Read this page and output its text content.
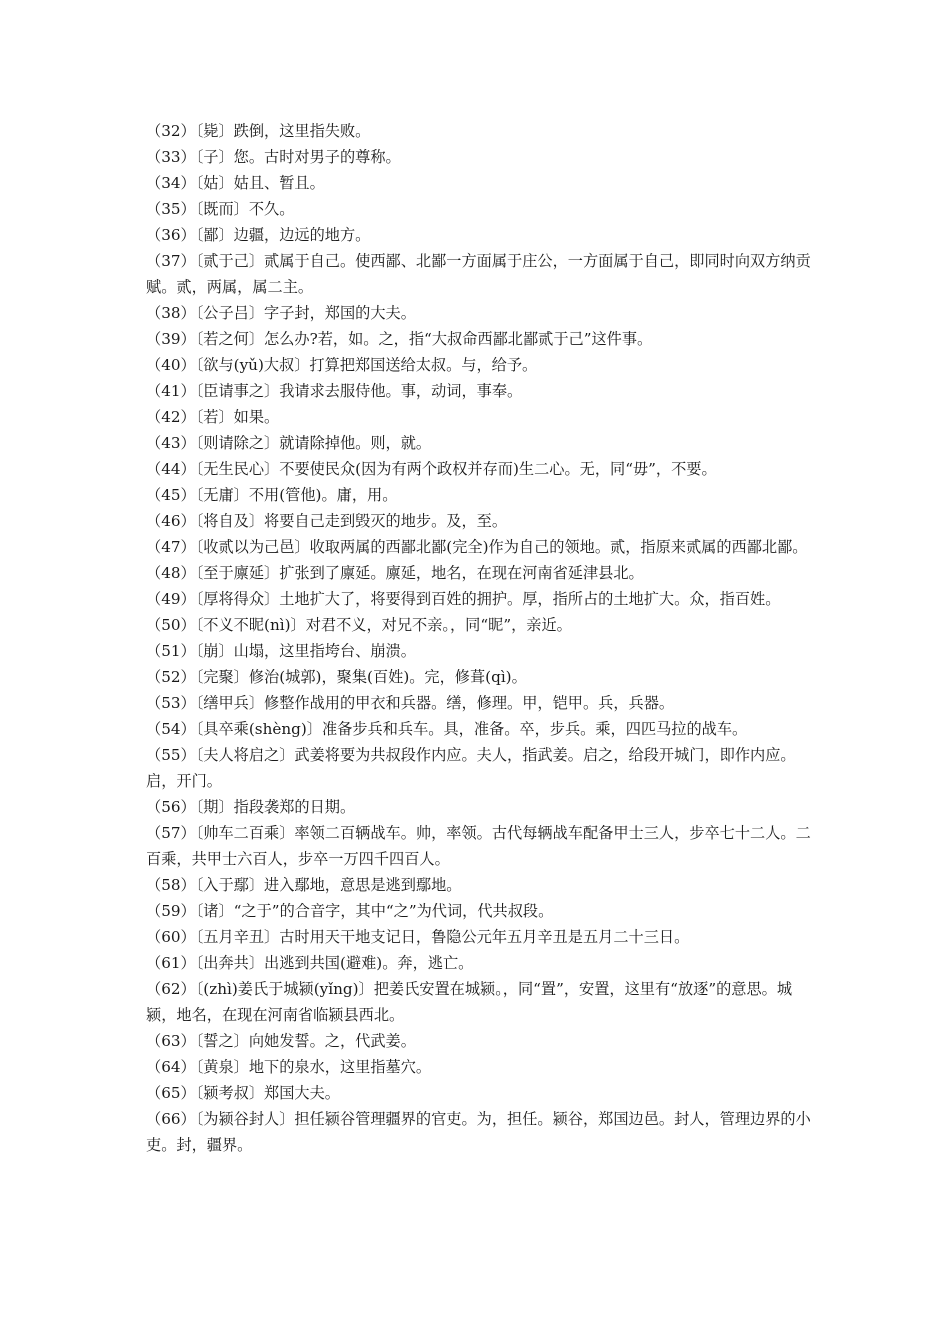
（32）〔毙〕跌倒，这里指失败。

（33）〔子〕您。古时对男子的尊称。

（34）〔姑〕姑且、暂且。

（35）〔既而〕不久。

（36）〔鄙〕边疆，边远的地方。

（37）〔贰于己〕贰属于自己。使西鄙、北鄙一方面属于庄公，一方面属于自己，即同时向双方纳贡赋。贰，两属，属二主。

（38）〔公子吕〕字子封，郑国的大夫。

（39）〔若之何〕怎么办?若，如。之，指“大叔命西鄙北鄙贰于己”这件事。

（40）〔欲与(yǔ)大叔〕打算把郑国送给太叔。与，给予。

（41）〔臣请事之〕我请求去服侍他。事，动词，事奉。

（42）〔若〕如果。

（43）〔则请除之〕就请除掉他。则，就。

（44）〔无生民心〕不要使民众(因为有两个政权并存而)生二心。无，同“毋”，不要。

（45）〔无庸〕不用(管他)。庸，用。

（46）〔将自及〕将要自己走到毁灭的地步。及，至。

（47）〔收贰以为己邑〕收取两属的西鄙北鄙(完全)作为自己的领地。贰，指原来贰属的西鄙北鄙。

（48）〔至于廪延〕扩张到了廪延。廪延，地名，在现在河南省延津县北。

（49）〔厚将得众〕土地扩大了，将要得到百姓的拥护。厚，指所占的土地扩大。众，指百姓。

（50）〔不义不昵(nì)〕对君不义，对兄不亲。，同“昵”，亲近。

（51）〔崩〕山塌，这里指垮台、崩溃。

（52）〔完聚〕修治(城郭)，聚集(百姓)。完，修葺(qì)。

（53）〔缮甲兵〕修整作战用的甲衣和兵器。缮，修理。甲，铠甲。兵，兵器。

（54）〔具卒乘(shèng)〕准备步兵和兵车。具，准备。卒，步兵。乘，四匹马拉的战车。

（55）〔夫人将启之〕武姜将要为共叔段作内应。夫人，指武姜。启之，给段开城门，即作内应。启，开门。

（56）〔期〕指段袭郑的日期。

（57）〔帅车二百乘〕率领二百辆战车。帅，率领。古代每辆战车配备甲士三人，步卒七十二人。二百乘，共甲士六百人，步卒一万四千四百人。

（58）〔入于鄢〕进入鄢地，意思是逃到鄢地。

（59）〔诸〕“之于”的合音字，其中“之”为代词，代共叔段。

（60）〔五月辛丑〕古时用天干地支记日，鲁隐公元年五月辛丑是五月二十三日。

（61）〔出奔共〕出逃到共国(避难)。奔，逃亡。

（62）〔(zhì)姜氏于城颍(yǐng)〕把姜氏安置在城颍。，同“置”，安置，这里有“放逐”的意思。城颍，地名，在现在河南省临颍县西北。

（63）〔誓之〕向她发誓。之，代武姜。

（64）〔黄泉〕地下的泉水，这里指墓穴。

（65）〔颍考叔〕郑国大夫。

（66）〔为颍谷封人〕担任颍谷管理疆界的官吏。为，担任。颍谷，郑国边邑。封人，管理边界的小吏。封，疆界。
